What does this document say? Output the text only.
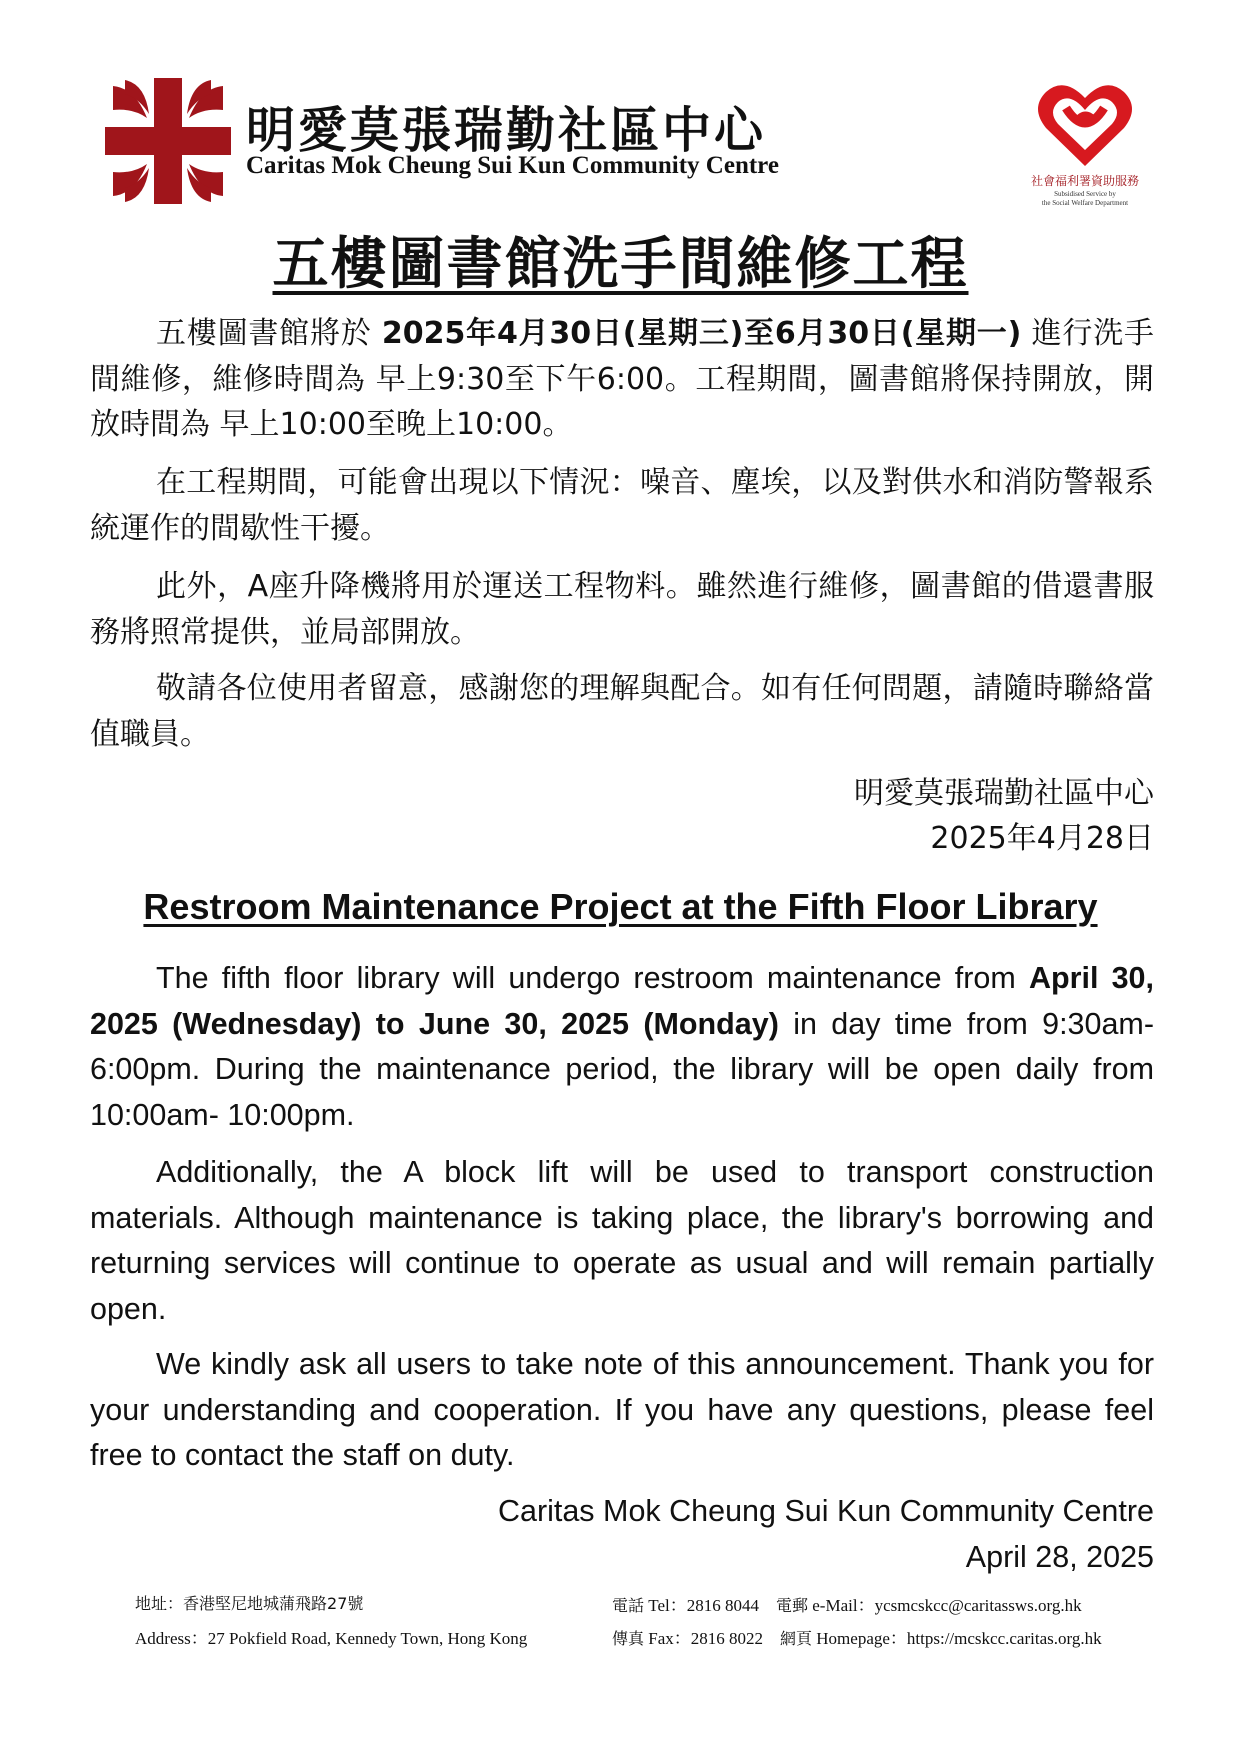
明愛莫張瑞勤社區中心
Caritas Mok Cheung Sui Kun Community Centre
社會福利署資助服務
Subsidised Service by
the Social Welfare Department
五樓圖書館洗手間維修工程
五樓圖書館將於 2025年4月30日(星期三)至6月30日(星期一) 進行洗手間維修，維修時間為 早上9:30至下午6:00。工程期間，圖書館將保持開放，開放時間為 早上10:00至晚上10:00。
在工程期間，可能會出現以下情況：噪音、塵埃，以及對供水和消防警報系統運作的間歇性干擾。
此外，A座升降機將用於運送工程物料。雖然進行維修，圖書館的借還書服務將照常提供，並局部開放。
敬請各位使用者留意，感謝您的理解與配合。如有任何問題，請隨時聯絡當值職員。
明愛莫張瑞勤社區中心
2025年4月28日
Restroom Maintenance Project at the Fifth Floor Library
The fifth floor library will undergo restroom maintenance from April 30, 2025 (Wednesday) to June 30, 2025 (Monday) in day time from 9:30am- 6:00pm. During the maintenance period, the library will be open daily from 10:00am- 10:00pm.
Additionally, the A block lift will be used to transport construction materials. Although maintenance is taking place, the library's borrowing and returning services will continue to operate as usual and will remain partially open.
We kindly ask all users to take note of this announcement. Thank you for your understanding and cooperation. If you have any questions, please feel free to contact the staff on duty.
Caritas Mok Cheung Sui Kun Community Centre
April 28, 2025
地址：香港堅尼地城蒲飛路27號
Address：27 Pokfield Road, Kennedy Town, Hong Kong
電話 Tel：2816 8044 電郵 e-Mail：ycsmcskcc@caritassws.org.hk
傳真 Fax：2816 8022 網頁 Homepage：https://mcskcc.caritas.org.hk
